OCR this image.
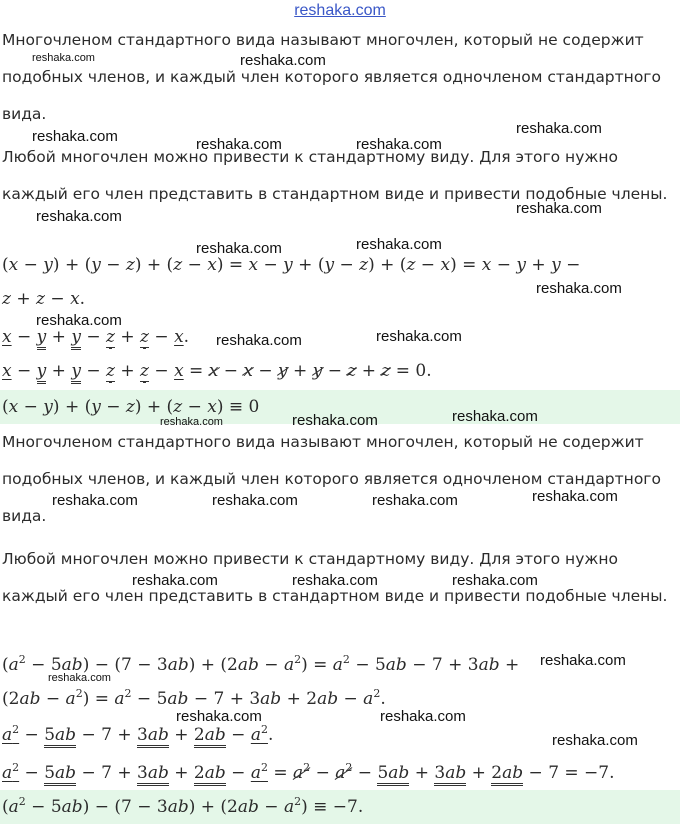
reshaka.com

Многочленом стандартного вида называют многочлен, который не содержит подобных членов, и каждый член которого является одночленом стандартного вида.

Любой многочлен можно привести к стандартному виду. Для этого нужно каждый его член представить в стандартном виде и привести подобные члены.

(x − y) + (y − z) + (z − x) = x − y + (y − z) + (z − x) = x − y + y −
z + z − x.
x − y + y − z + z − x.
x − y + y − z + z − x = x − x − y + y − z + z = 0.
(x − y) + (y − z) + (z − x) ≡ 0

Многочленом стандартного вида называют многочлен, который не содержит подобных членов, и каждый член которого является одночленом стандартного вида.

Любой многочлен можно привести к стандартному виду. Для этого нужно каждый его член представить в стандартном виде и привести подобные члены.

$(a^2 - 5ab) - (7 - 3ab) + (2ab - a^2) = a^2 - 5ab - 7 + 3ab$ +
$(2ab - a^2) = a^2 - 5ab - 7 + 3ab + 2ab - a^2$.
$a^2 - 5ab - 7 + 3ab + 2ab - a^2$.
$a^2 - 5ab - 7 + 3ab + 2ab - a^2 = a^2 - a^2 - 5ab + 3ab + 2ab - 7 = -7$.
$(a^2 - 5ab) - (7 - 3ab) + (2ab - a^2) \equiv -7$.
reshaka.com	reshaka.com
reshaka.com	reshaka.com	reshaka.com
reshaka.com
reshaka.com	reshaka.com
reshaka.com	reshaka.com
reshaka.com
reshaka.com
reshaka.com	reshaka.com
reshaka.com	reshaka.com	reshaka.com
reshaka.com	reshaka.com	reshaka.com	reshaka.com
reshaka.com	reshaka.com	reshaka.com
reshaka.com
reshaka.com
reshaka.com	reshaka.com
reshaka.com
